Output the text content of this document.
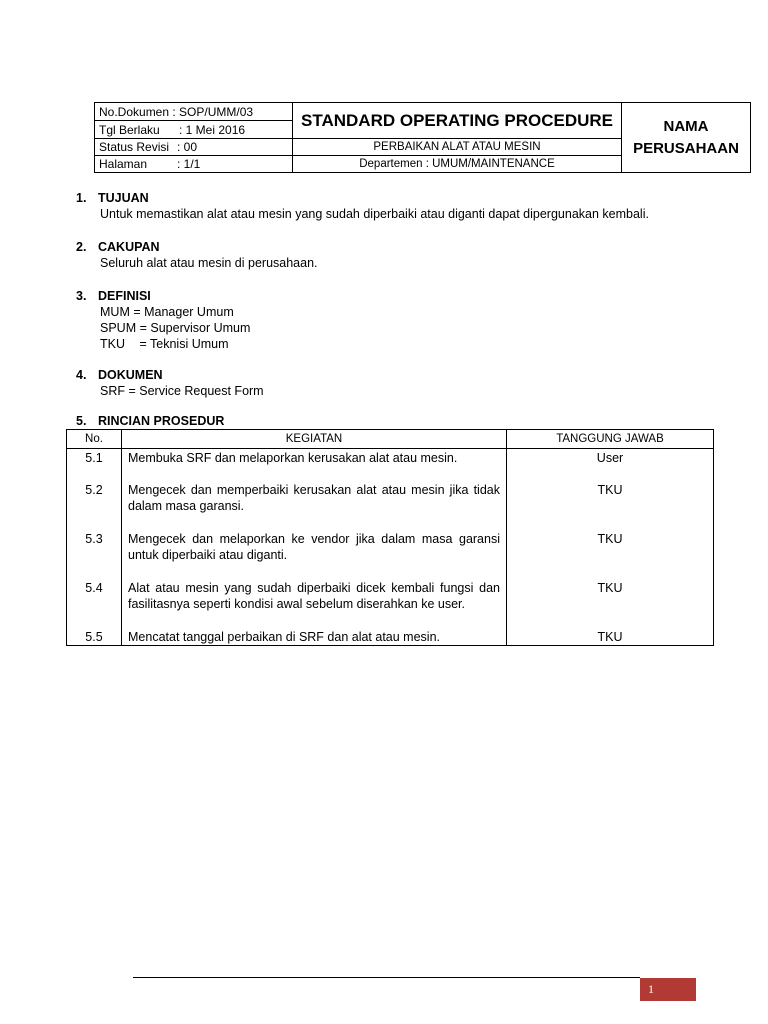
No.Dokumen : SOP/UMM/03	STANDARD OPERATING PROCEDURE	NAMA
PERUSAHAAN

Tgl Berlaku : 1 Mei 2016		
Status Revisi : 00	PERBAIKAN ALAT ATAU MESIN	
Halaman : 1/1	Departemen : UMUM/MAINTENANCE	
1. TUJUAN
Untuk memastikan alat atau mesin yang sudah diperbaiki atau diganti dapat dipergunakan kembali.
2. CAKUPAN
Seluruh alat atau mesin di perusahaan.
3. DEFINISI
MUM = Manager Umum
SPUM = Supervisor Umum
TKU = Teknisi Umum
4. DOKUMEN
SRF = Service Request Form
5. RINCIAN PROSEDUR
No.	KEGIATAN	TANGGUNG JAWAB
5.1	Membuka SRF dan melaporkan kerusakan alat atau mesin.	User
5.2	Mengecek dan memperbaiki kerusakan alat atau mesin jika tidak dalam masa garansi.	TKU
5.3	Mengecek dan melaporkan ke vendor jika dalam masa garansi untuk diperbaiki atau diganti.	TKU
5.4	Alat atau mesin yang sudah diperbaiki dicek kembali fungsi dan fasilitasnya seperti kondisi awal sebelum diserahkan ke user.	TKU
5.5	Mencatat tanggal perbaikan di SRF dan alat atau mesin.	TKU
1
